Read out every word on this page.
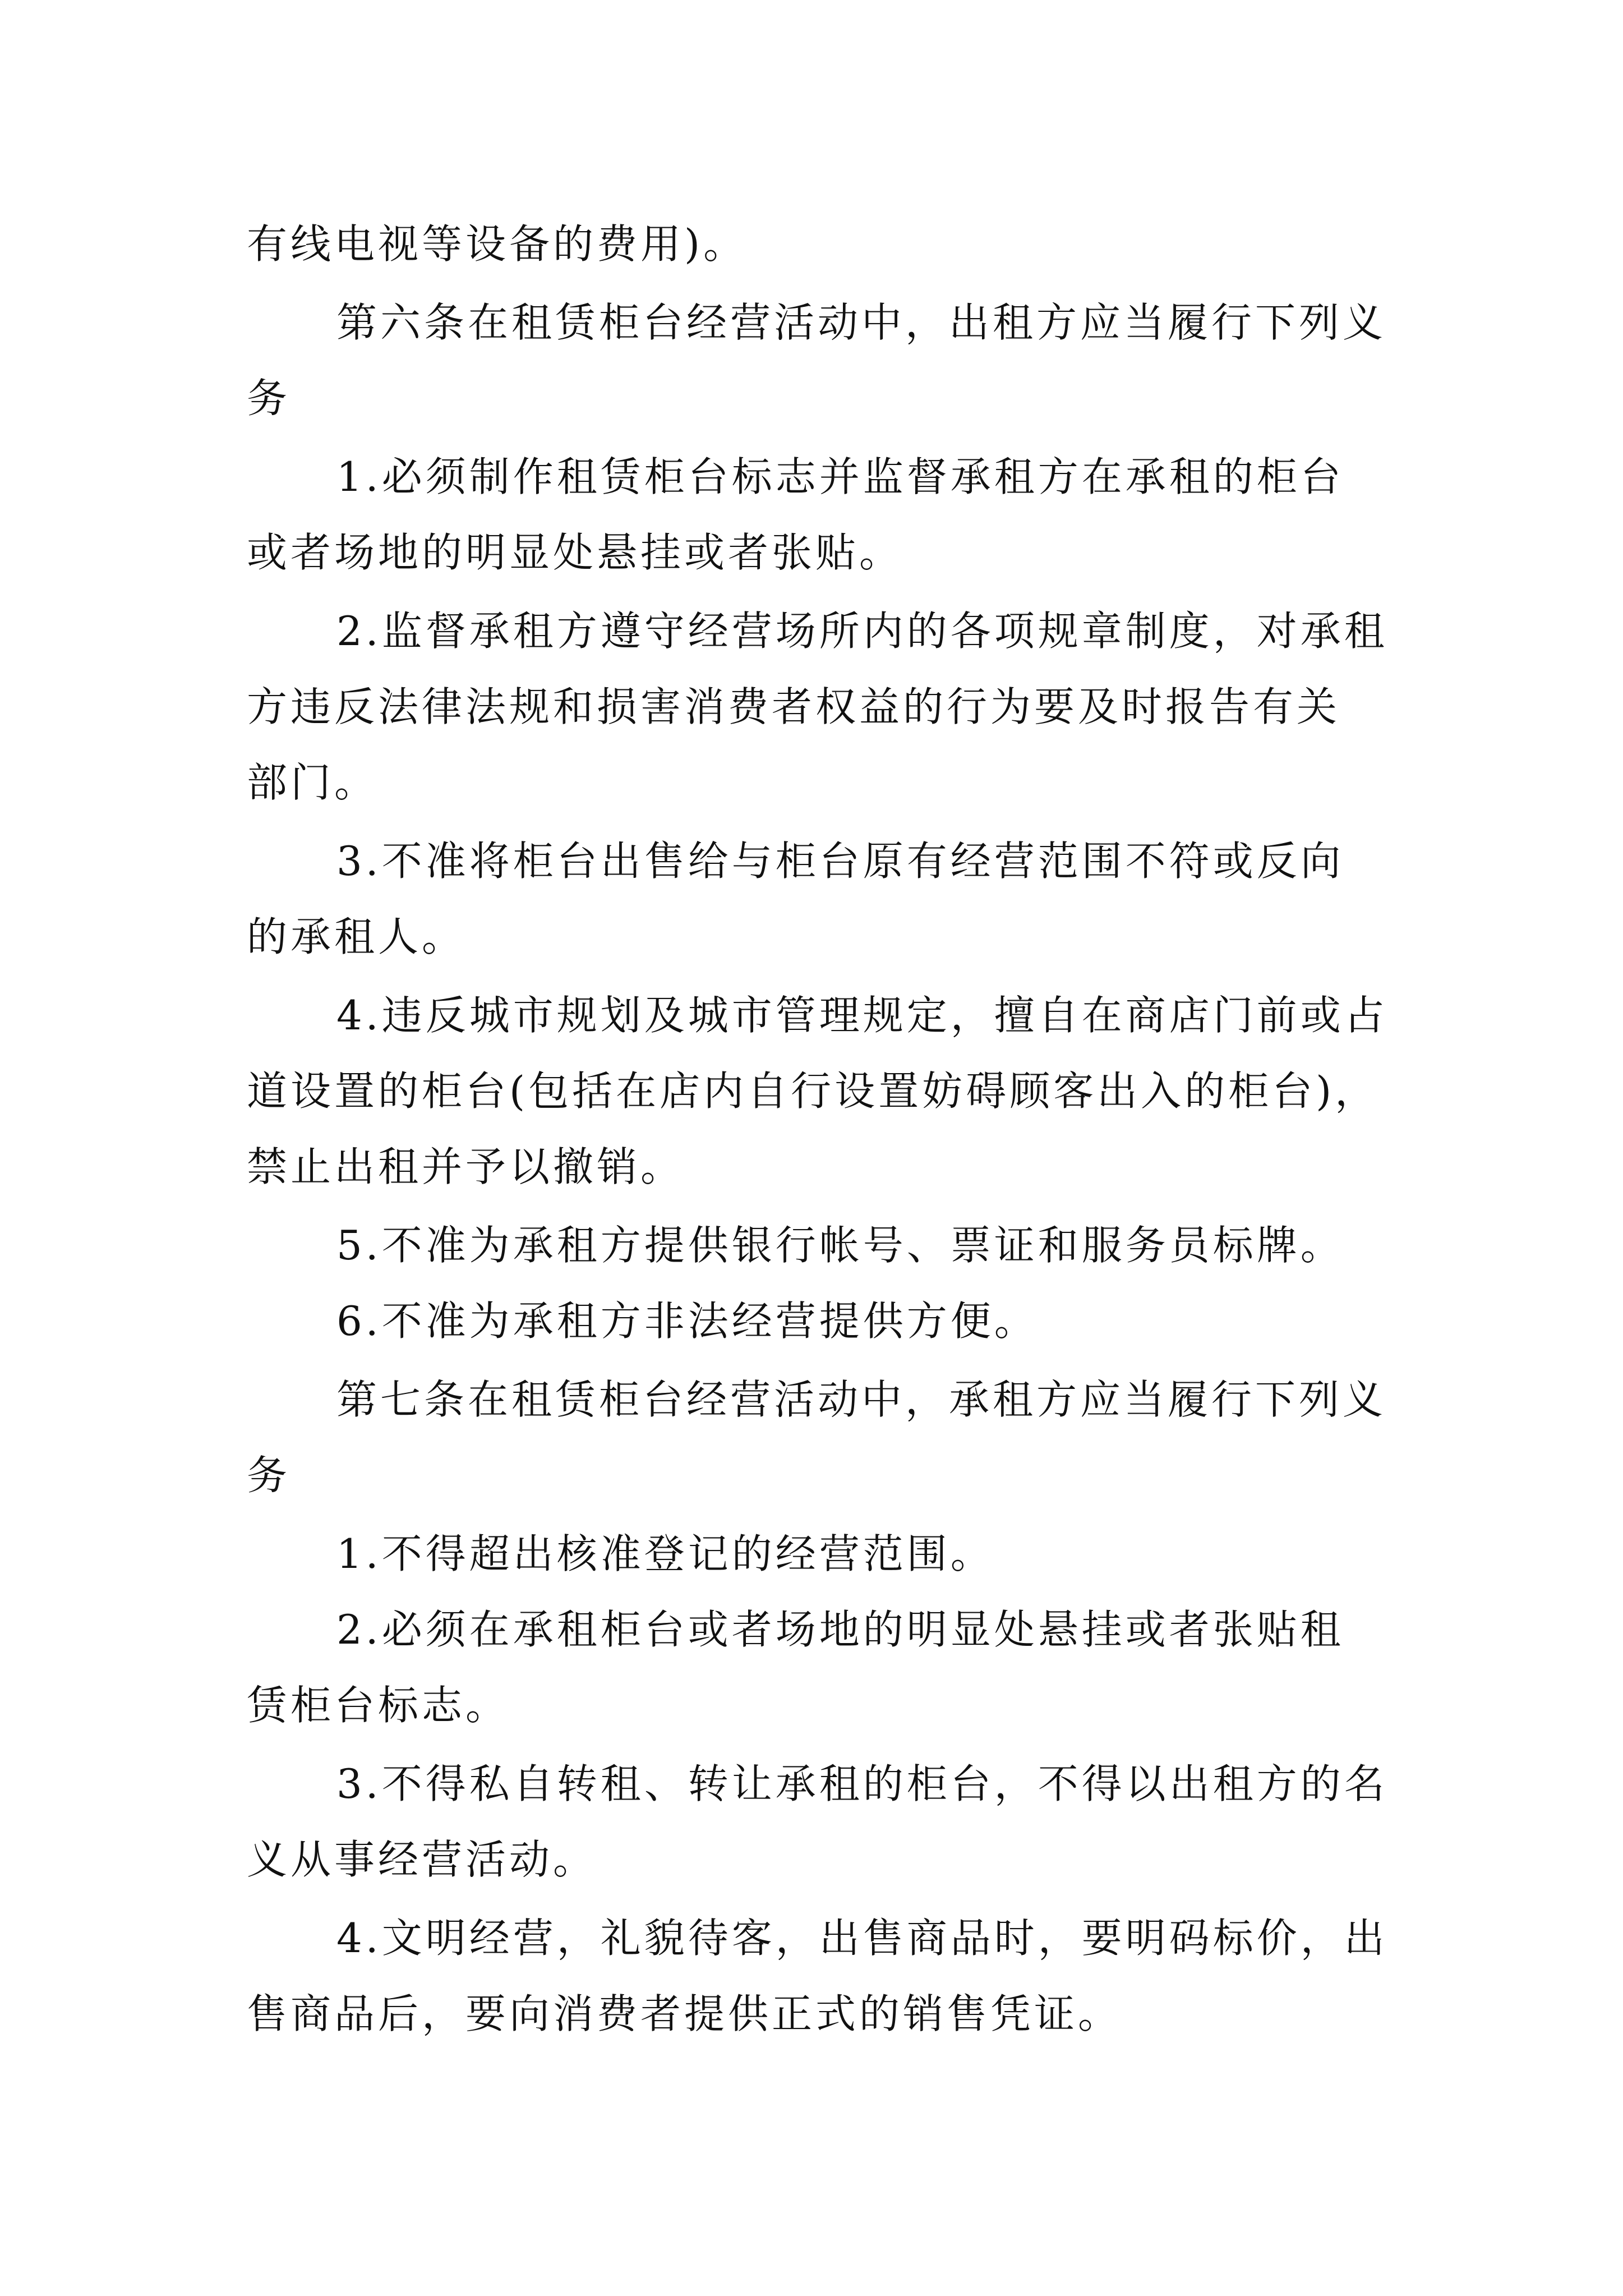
有线电视等设备的费用)。
第六条在租赁柜台经营活动中，出租方应当履行下列义
务
1.必须制作租赁柜台标志并监督承租方在承租的柜台
或者场地的明显处悬挂或者张贴。
2.监督承租方遵守经营场所内的各项规章制度，对承租
方违反法律法规和损害消费者权益的行为要及时报告有关
部门。
3.不准将柜台出售给与柜台原有经营范围不符或反向
的承租人。
4.违反城市规划及城市管理规定，擅自在商店门前或占
道设置的柜台(包括在店内自行设置妨碍顾客出入的柜台)，
禁止出租并予以撤销。
5.不准为承租方提供银行帐号、票证和服务员标牌。
6.不准为承租方非法经营提供方便。
第七条在租赁柜台经营活动中，承租方应当履行下列义
务
1.不得超出核准登记的经营范围。
2.必须在承租柜台或者场地的明显处悬挂或者张贴租
赁柜台标志。
3.不得私自转租、转让承租的柜台，不得以出租方的名
义从事经营活动。
4.文明经营，礼貌待客，出售商品时，要明码标价，出
售商品后，要向消费者提供正式的销售凭证。
